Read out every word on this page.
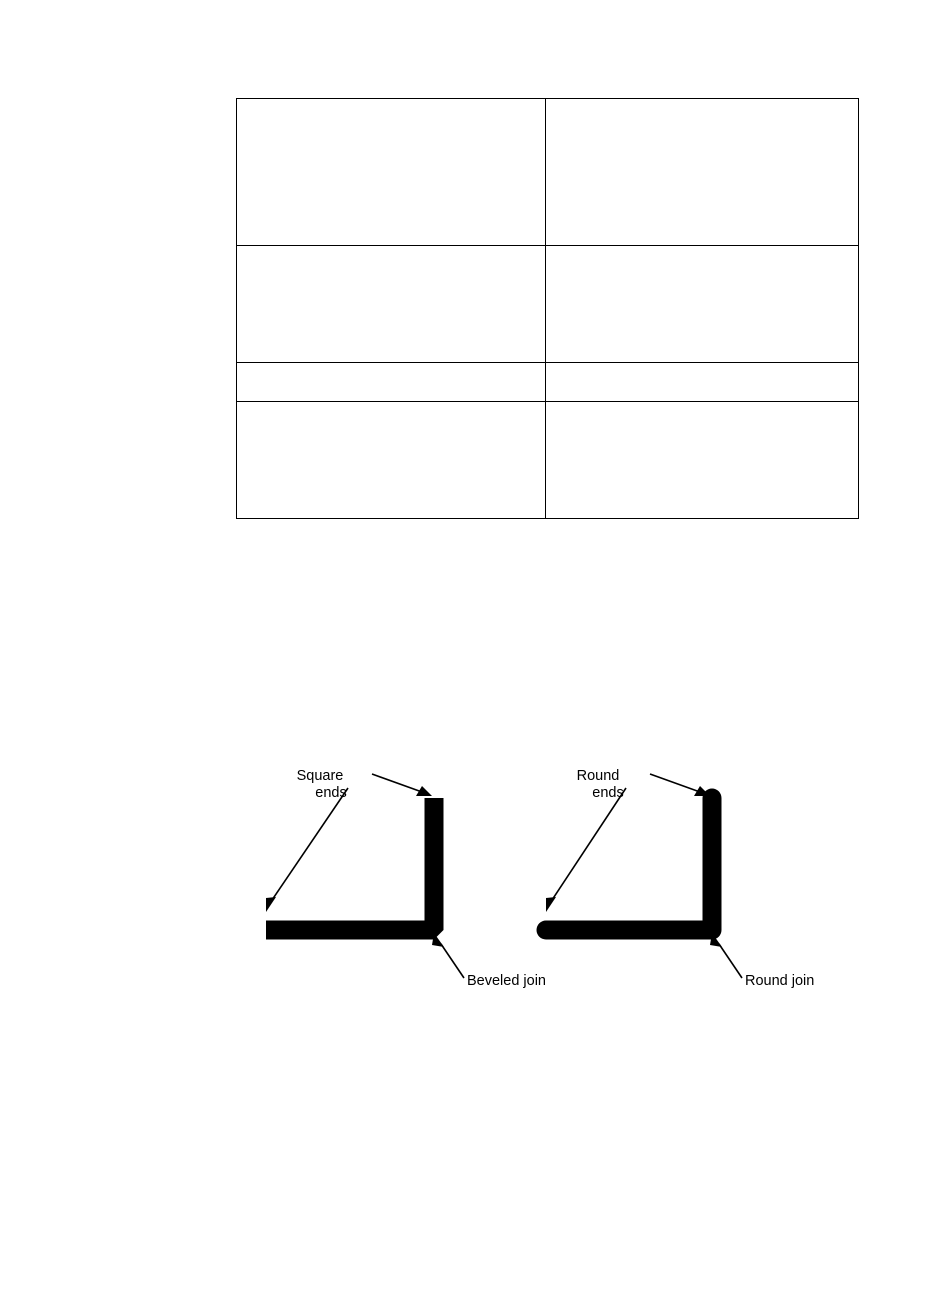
Square
ends
Beveled join
Round
ends
Round join
